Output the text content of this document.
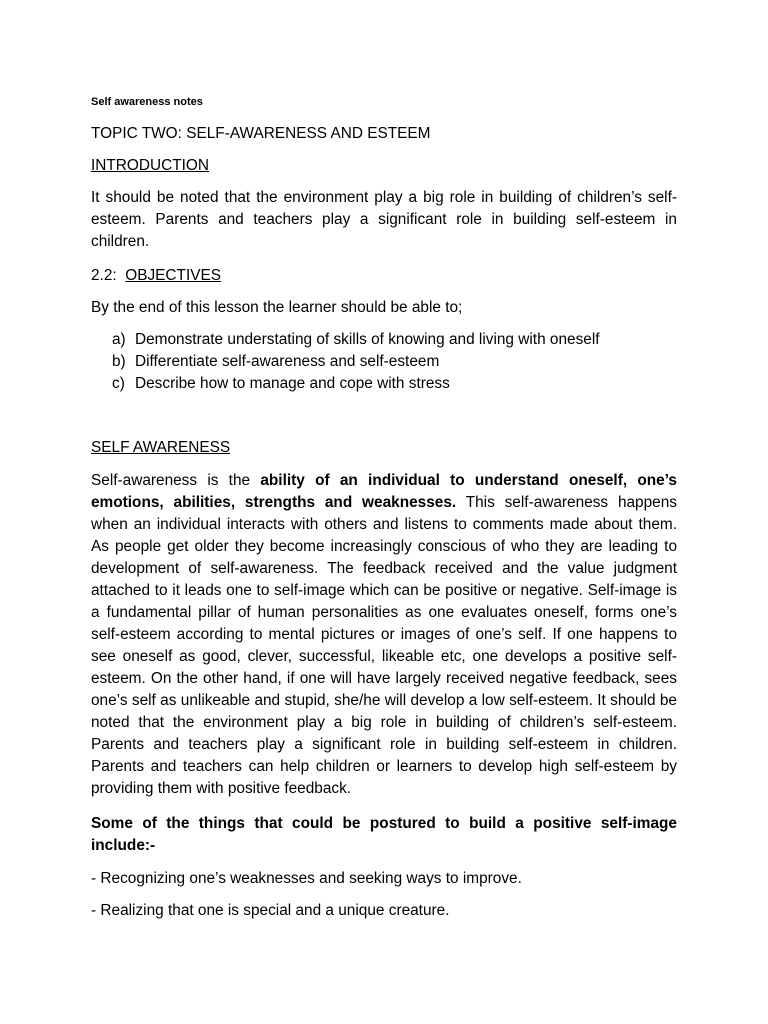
Self awareness notes

TOPIC TWO: SELF-AWARENESS AND ESTEEM

INTRODUCTION

It should be noted that the environment play a big role in building of children’s self-esteem. Parents and teachers play a significant role in building self-esteem in children.

2.2: OBJECTIVES

By the end of this lesson the learner should be able to;

a) Demonstrate understating of skills of knowing and living with oneself
b) Differentiate self-awareness and self-esteem
c) Describe how to manage and cope with stress

SELF AWARENESS

Self-awareness is the ability of an individual to understand oneself, one’s emotions, abilities, strengths and weaknesses. This self-awareness happens when an individual interacts with others and listens to comments made about them. As people get older they become increasingly conscious of who they are leading to development of self-awareness. The feedback received and the value judgment attached to it leads one to self-image which can be positive or negative. Self-image is a fundamental pillar of human personalities as one evaluates oneself, forms one’s self-esteem according to mental pictures or images of one’s self. If one happens to see oneself as good, clever, successful, likeable etc, one develops a positive self-esteem. On the other hand, if one will have largely received negative feedback, sees one’s self as unlikeable and stupid, she/he will develop a low self-esteem. It should be noted that the environment play a big role in building of children’s self-esteem. Parents and teachers play a significant role in building self-esteem in children. Parents and teachers can help children or learners to develop high self-esteem by providing them with positive feedback.

Some of the things that could be postured to build a positive self-image include:-

- Recognizing one’s weaknesses and seeking ways to improve.

- Realizing that one is special and a unique creature.
